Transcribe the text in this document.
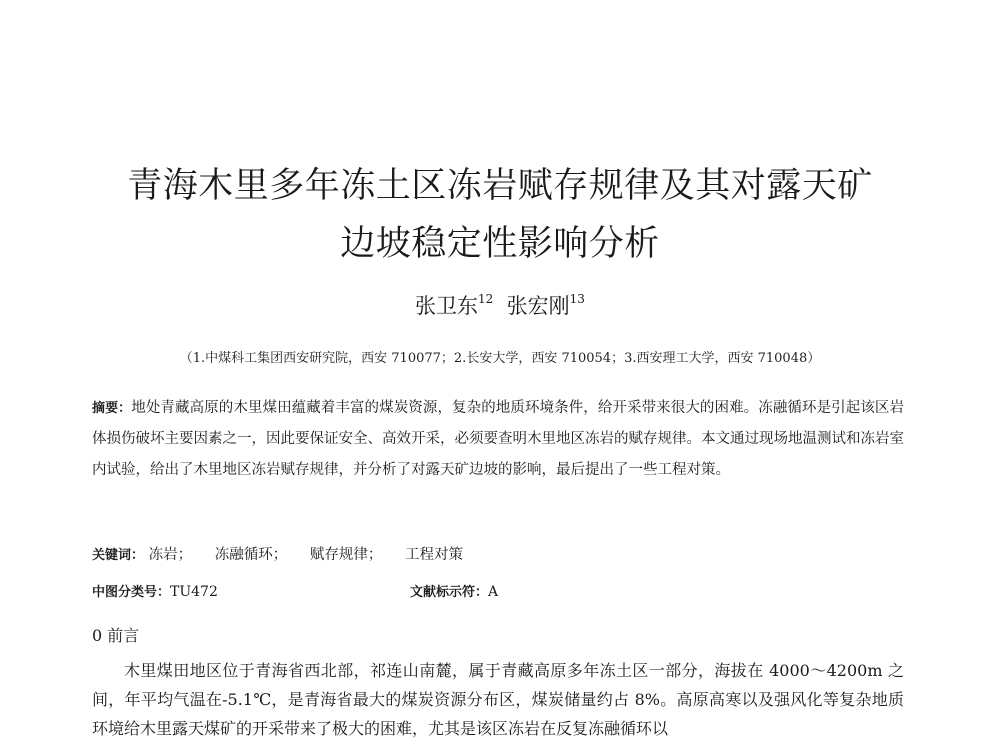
青海木里多年冻土区冻岩赋存规律及其对露天矿
边坡稳定性影响分析
张卫东$^{12}$ 张宏刚$^{13}$
（1.中煤科工集团西安研究院，西安 710077；2.长安大学，西安 710054；3.西安理工大学，西安 710048）
摘要：地处青藏高原的木里煤田蕴藏着丰富的煤炭资源，复杂的地质环境条件，给开采带来很大的困难。冻融循环是引起该区岩体损伤破坏主要因素之一，因此要保证安全、高效开采，必须要查明木里地区冻岩的赋存规律。本文通过现场地温测试和冻岩室内试验，给出了木里地区冻岩赋存规律，并分析了对露天矿边坡的影响，最后提出了一些工程对策。
关键词： 冻岩； 冻融循环； 赋存规律； 工程对策
中图分类号：TU472	文献标示符：A
0 前言
木里煤田地区位于青海省西北部，祁连山南麓，属于青藏高原多年冻土区一部分，海拔在 4000～4200m 之间，年平均气温在-5.1℃，是青海省最大的煤炭资源分布区，煤炭储量约占 8%。高原高寒以及强风化等复杂地质环境给木里露天煤矿的开采带来了极大的困难，尤其是该区冻岩在反复冻融循环以
